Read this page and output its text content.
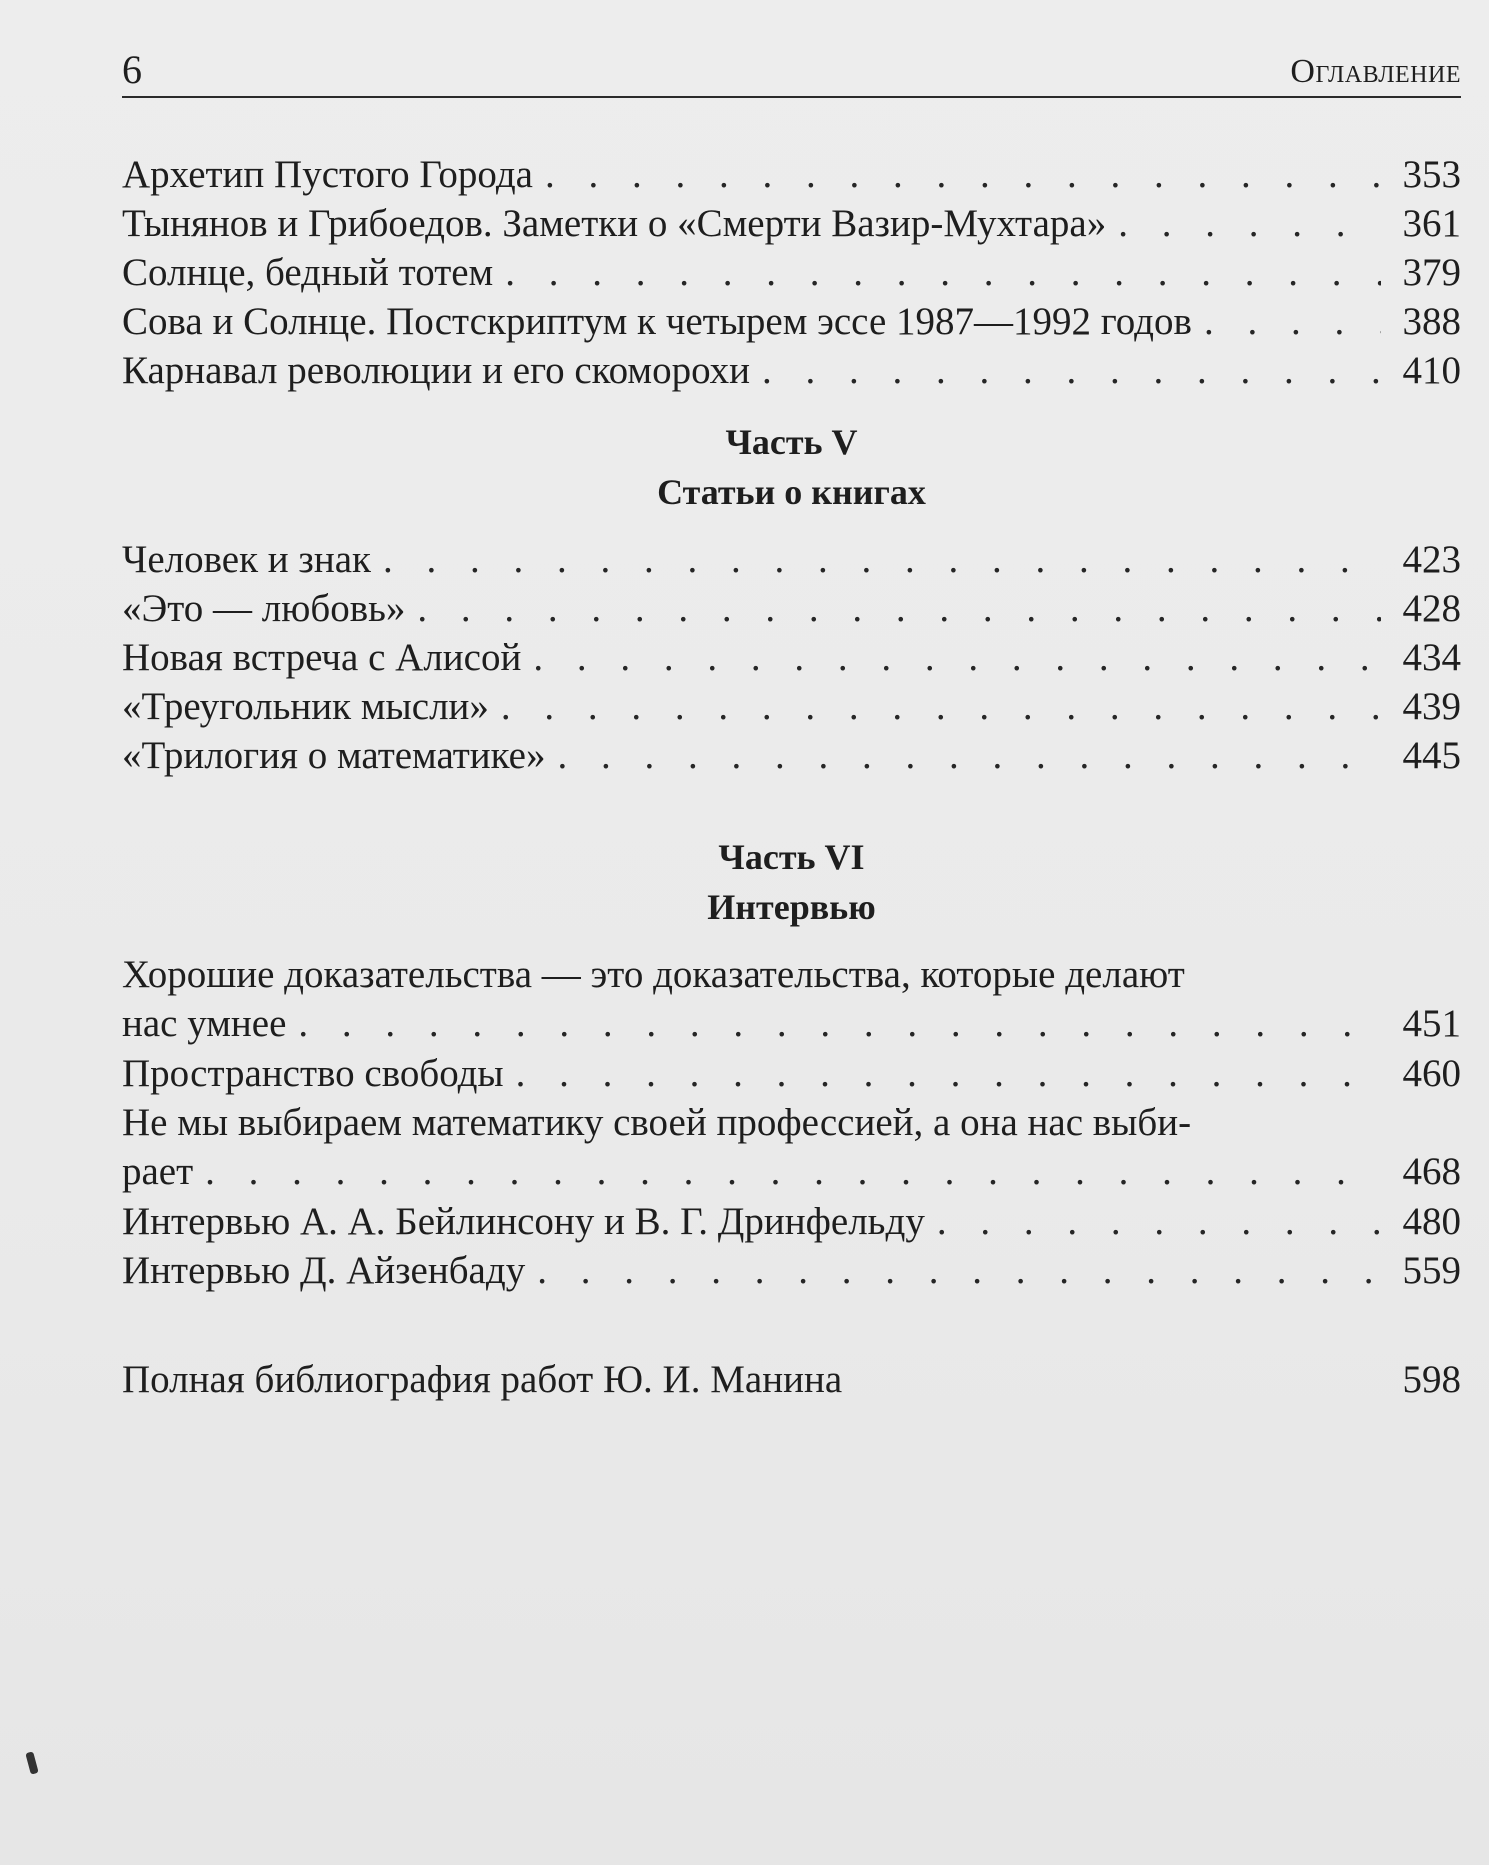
6	Оглавление
Архетип Пустого Города . . .	353
Тынянов и Грибоедов. Заметки о «Смерти Вазир-Мухтара» . . .	361
Солнце, бедный тотем . . .	379
Сова и Солнце. Постскриптум к четырем эссе 1987—1992 годов . . .	388
Карнавал революции и его скоморохи . . .	410
Часть V
Статьи о книгах
Человек и знак . . .	423
«Это — любовь» . . .	428
Новая встреча с Алисой . . .	434
«Треугольник мысли» . . .	439
«Трилогия о математике» . . .	445
Часть VI
Интервью
Хорошие доказательства — это доказательства, которые делают
нас умнее . . .	451
Пространство свободы . . .	460
Не мы выбираем математику своей профессией, а она нас выби-
рает . . .	468
Интервью А. А. Бейлинсону и В. Г. Дринфельду . . .	480
Интервью Д. Айзенбаду . . .	559
Полная библиография работ Ю. И. Манина	598
